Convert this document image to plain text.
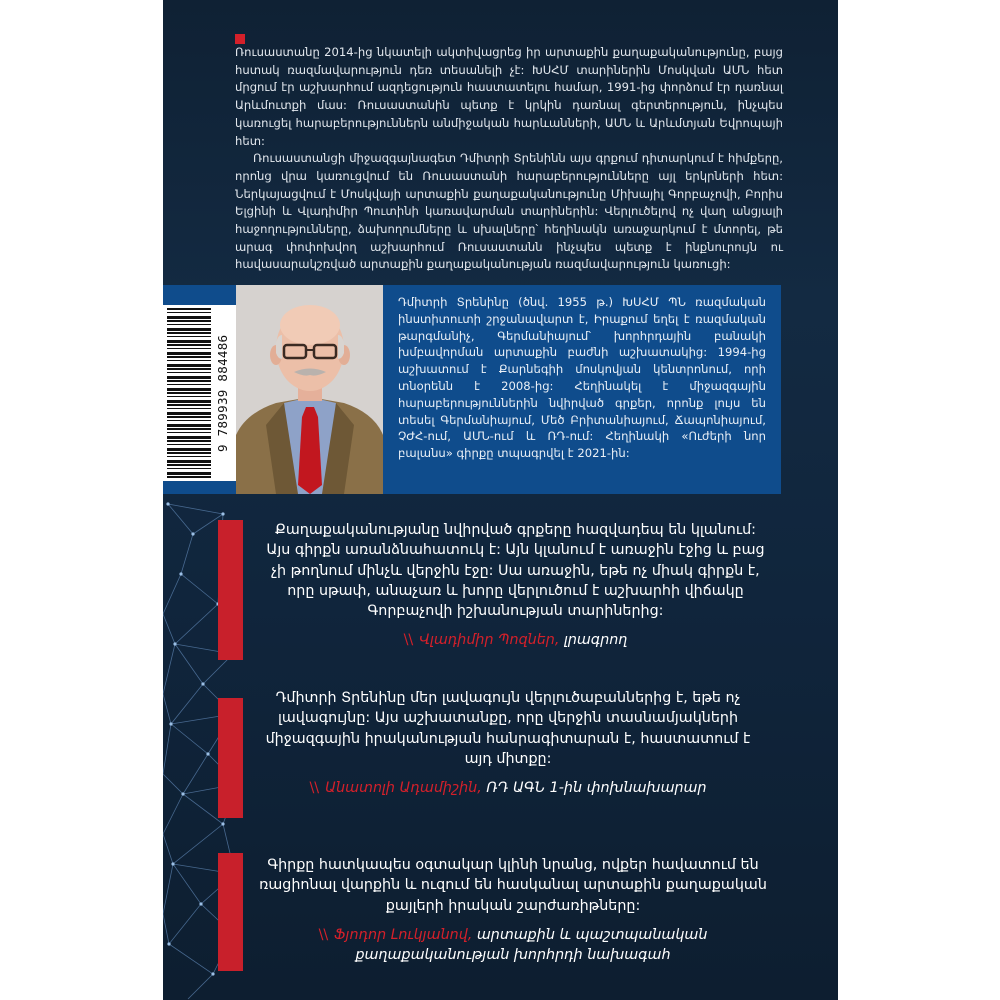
Ռուսաստանը 2014-ից նկատելի ակտիվացրեց իր արտաքին քաղաքականությունը, բայց հստակ ռազմավարություն դեռ տեսանելի չէ: ԽՍՀՄ տարիներին Մոսկվան ԱՄՆ հետ մրցում էր աշխարհում ազդեցություն հաստատելու համար, 1991-ից փորձում էր դառնալ Արևմուտքի մաս: Ռուսաստանին պետք է կրկին դառնալ գերտերություն, ինչպես կառուցել հարաբերություններն անմիջական հարևանների, ԱՄՆ և Արևմտյան Եվրոպայի հետ:

Ռուսաստանցի միջազգայնագետ Դմիտրի Տրենինն այս գրքում դիտարկում է հիմքերը, որոնց վրա կառուցվում են Ռուսաստանի հարաբերությունները այլ երկրների հետ: Ներկայացվում է Մոսկվայի արտաքին քաղաքականությունը Միխայիլ Գորբաչովի, Բորիս Ելցինի և Վլադիմիր Պուտինի կառավարման տարիներին: Վերլուծելով ոչ վաղ անցյալի հաջողությունները, ձախողումները և սխալները՝ հեղինակն առաջարկում է մտորել, թե արագ փոփոխվող աշխարհում Ռուսաստանն ինչպես պետք է ինքնուրույն ու հավասարակշռված արտաքին քաղաքականության ռազմավարություն կառուցի:

9 789939 884486
Դմիտրի Տրենինը (ծնվ. 1955 թ.) ԽՍՀՄ ՊՆ ռազմական ինստիտուտի շրջանավարտ է, Իրաքում եղել է ռազմական թարգմանիչ, Գերմանիայում՝ խորհրդային բանակի խմբավորման արտաքին բաժնի աշխատակից: 1994-ից աշխատում է Քարնեգիի մոսկովյան կենտրոնում, որի տնօրենն է 2008-ից: Հեղինակել է միջազգային հարաբերություններին նվիրված գրքեր, որոնք լույս են տեսել Գերմանիայում, Մեծ Բրիտանիայում, Ճապոնիայում, ՉԺՀ-ում, ԱՄՆ-ում և ՌԴ-ում: Հեղինակի «Ուժերի նոր բալանս» գիրքը տպագրվել է 2021-ին:
Քաղաքականությանը նվիրված գրքերը հազվադեպ են կլանում:
Այս գիրքն առանձնահատուկ է: Այն կլանում է առաջին էջից և բաց
չի թողնում մինչև վերջին էջը: Սա առաջին, եթե ոչ միակ գիրքն է,
որը սթափ, անաչառ և խորը վերլուծում է աշխարհի վիճակը
Գորբաչովի իշխանության տարիներից:
\\ Վլադիմիր Պոզներ, լրագրող
Դմիտրի Տրենինը մեր լավագույն վերլուծաբաններից է, եթե ոչ
լավագույնը: Այս աշխատանքը, որը վերջին տասնամյակների
միջազգային իրականության հանրագիտարան է, հաստատում է
այդ միտքը:
\\ Անատոլի Ադամիշին, ՌԴ ԱԳՆ 1-ին փոխնախարար
Գիրքը հատկապես օգտակար կլինի նրանց, ովքեր հավատում են
ռացիոնալ վարքին և ուզում են հասկանալ արտաքին քաղաքական
քայլերի իրական շարժառիթները:
\\ Ֆյոդոր Լուկյանով, արտաքին և պաշտպանական
քաղաքականության խորհրդի նախագահ
